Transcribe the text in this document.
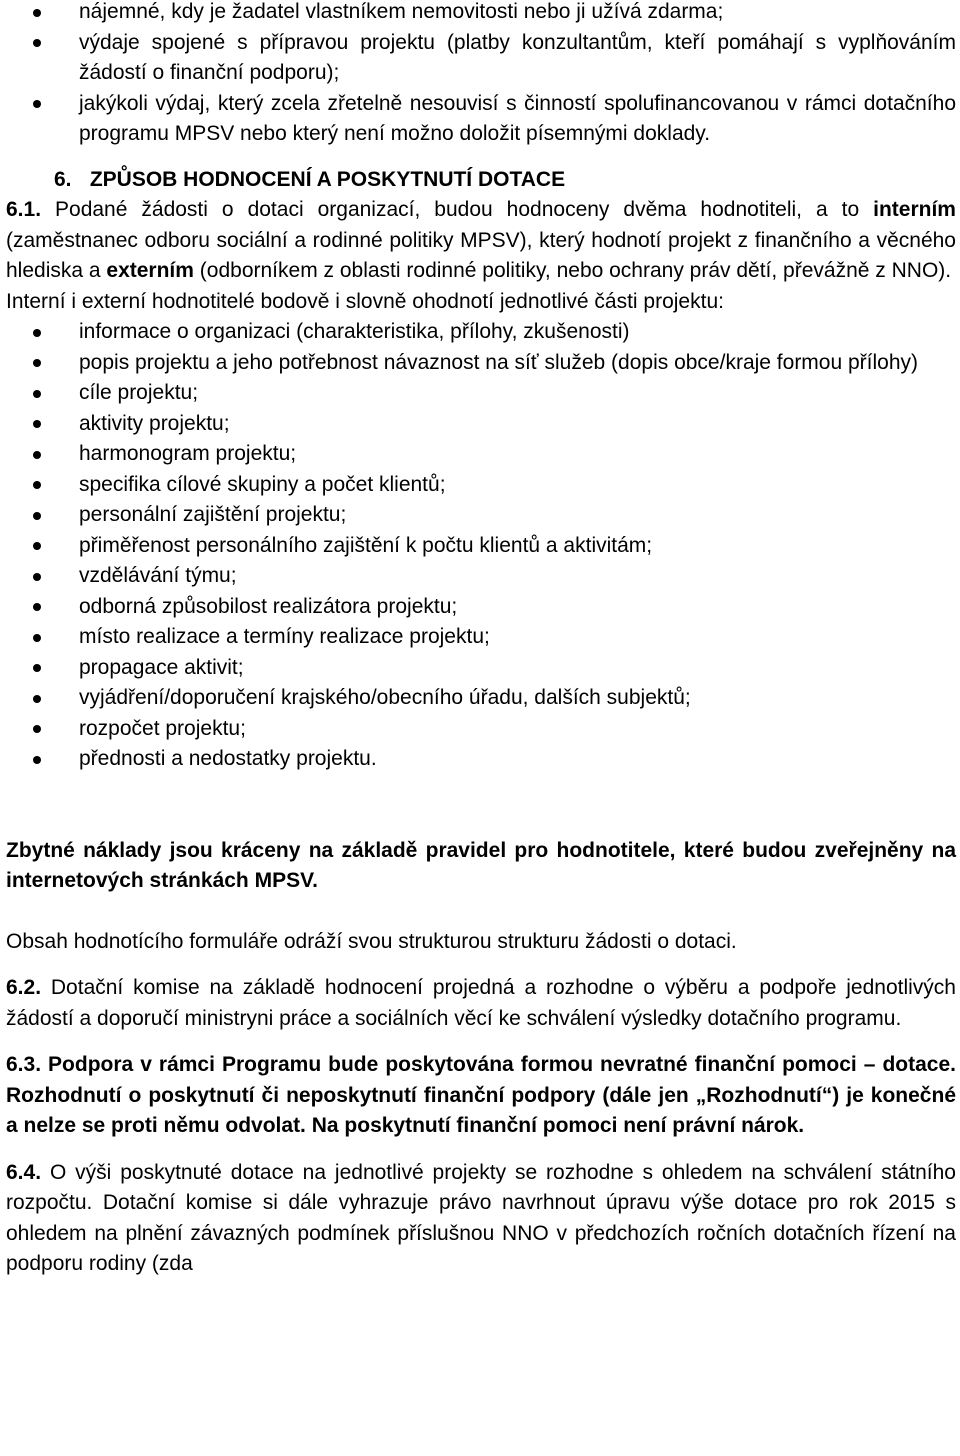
nájemné, kdy je žadatel vlastníkem nemovitosti nebo ji užívá zdarma;
výdaje spojené s přípravou projektu (platby konzultantům, kteří pomáhají s vyplňováním žádostí o finanční podporu);
jakýkoli výdaj, který zcela zřetelně nesouvisí s činností spolufinancovanou v rámci dotačního programu MPSV nebo který není možno doložit písemnými doklady.
6. ZPŮSOB HODNOCENÍ A POSKYTNUTÍ DOTACE

6.1. Podané žádosti o dotaci organizací, budou hodnoceny dvěma hodnotiteli, a to interním (zaměstnanec odboru sociální a rodinné politiky MPSV), který hodnotí projekt z finančního a věcného hlediska a externím (odborníkem z oblasti rodinné politiky, nebo ochrany práv dětí, převážně z NNO).

Interní i externí hodnotitelé bodově i slovně ohodnotí jednotlivé části projektu:

informace o organizaci (charakteristika, přílohy, zkušenosti)
popis projektu a jeho potřebnost návaznost na síť služeb (dopis obce/kraje formou přílohy)
cíle projektu;
aktivity projektu;
harmonogram projektu;
specifika cílové skupiny a počet klientů;
personální zajištění projektu;
přiměřenost personálního zajištění k počtu klientů a aktivitám;
vzdělávání týmu;
odborná způsobilost realizátora projektu;
místo realizace a termíny realizace projektu;
propagace aktivit;
vyjádření/doporučení krajského/obecního úřadu, dalších subjektů;
rozpočet projektu;
přednosti a nedostatky projektu.

Zbytné náklady jsou kráceny na základě pravidel pro hodnotitele, které budou zveřejněny na internetových stránkách MPSV.

Obsah hodnotícího formuláře odráží svou strukturou strukturu žádosti o dotaci.

6.2. Dotační komise na základě hodnocení projedná a rozhodne o výběru a podpoře jednotlivých žádostí a doporučí ministryni práce a sociálních věcí ke schválení výsledky dotačního programu.

6.3. Podpora v rámci Programu bude poskytována formou nevratné finanční pomoci – dotace. Rozhodnutí o poskytnutí či neposkytnutí finanční podpory (dále jen „Rozhodnutí“) je konečné a nelze se proti němu odvolat. Na poskytnutí finanční pomoci není právní nárok.

6.4. O výši poskytnuté dotace na jednotlivé projekty se rozhodne s ohledem na schválení státního rozpočtu. Dotační komise si dále vyhrazuje právo navrhnout úpravu výše dotace pro rok 2015 s ohledem na plnění závazných podmínek příslušnou NNO v předchozích ročních dotačních řízení na podporu rodiny (zda
